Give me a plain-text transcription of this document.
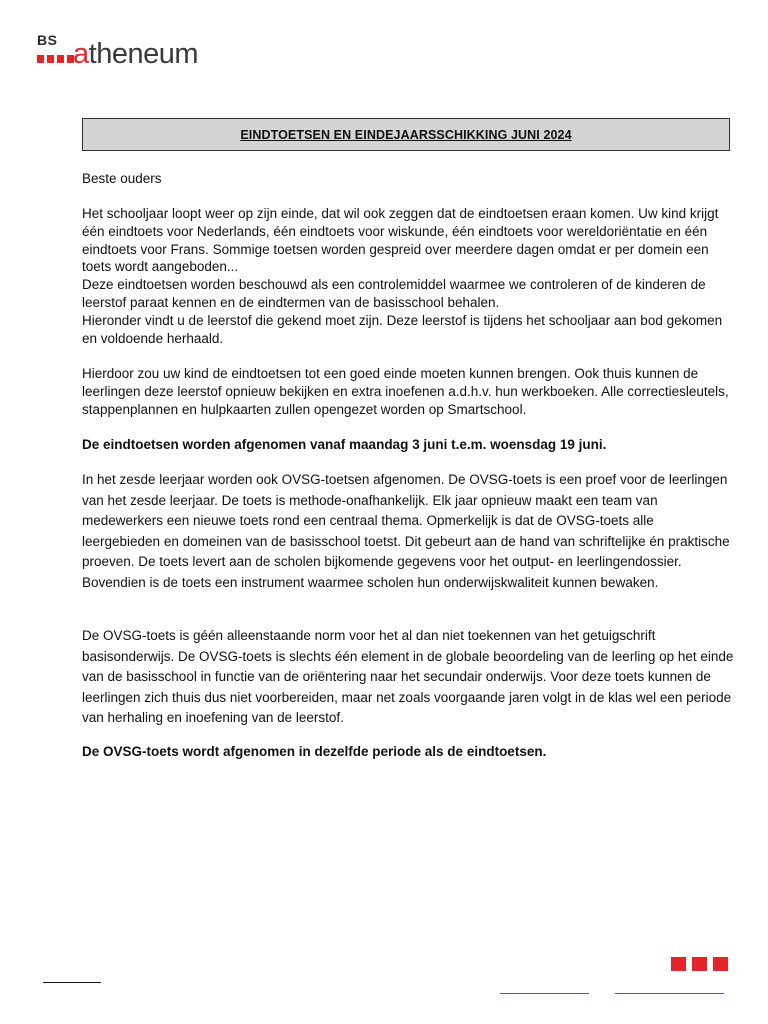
BS atheneum
EINDTOETSEN EN EINDEJAARSSCHIKKING JUNI 2024

Beste ouders

Het schooljaar loopt weer op zijn einde, dat wil ook zeggen dat de eindtoetsen eraan komen. Uw kind krijgt één eindtoets voor Nederlands, één eindtoets voor wiskunde, één eindtoets voor wereldoriëntatie en één eindtoets voor Frans. Sommige toetsen worden gespreid over meerdere dagen omdat er per domein een toets wordt aangeboden...
Deze eindtoetsen worden beschouwd als een controlemiddel waarmee we controleren of de kinderen de leerstof paraat kennen en de eindtermen van de basisschool behalen.
Hieronder vindt u de leerstof die gekend moet zijn. Deze leerstof is tijdens het schooljaar aan bod gekomen en voldoende herhaald.

Hierdoor zou uw kind de eindtoetsen tot een goed einde moeten kunnen brengen. Ook thuis kunnen de leerlingen deze leerstof opnieuw bekijken en extra inoefenen a.d.h.v. hun werkboeken. Alle correctiesleutels, stappenplannen en hulpkaarten zullen opengezet worden op Smartschool.

De eindtoetsen worden afgenomen vanaf maandag 3 juni t.e.m. woensdag 19 juni.

In het zesde leerjaar worden ook OVSG-toetsen afgenomen. De OVSG-toets is een proef voor de leerlingen van het zesde leerjaar. De toets is methode-onafhankelijk. Elk jaar opnieuw maakt een team van medewerkers een nieuwe toets rond een centraal thema. Opmerkelijk is dat de OVSG-toets alle leergebieden en domeinen van de basisschool toetst. Dit gebeurt aan de hand van schriftelijke én praktische proeven. De toets levert aan de scholen bijkomende gegevens voor het output- en leerlingendossier. Bovendien is de toets een instrument waarmee scholen hun onderwijskwaliteit kunnen bewaken.

De OVSG-toets is géén alleenstaande norm voor het al dan niet toekennen van het getuigschrift basisonderwijs. De OVSG-toets is slechts één element in de globale beoordeling van de leerling op het einde van de basisschool in functie van de oriëntering naar het secundair onderwijs. Voor deze toets kunnen de leerlingen zich thuis dus niet voorbereiden, maar net zoals voorgaande jaren volgt in de klas wel een periode van herhaling en inoefening van de leerstof.

De OVSG-toets wordt afgenomen in dezelfde periode als de eindtoetsen.
